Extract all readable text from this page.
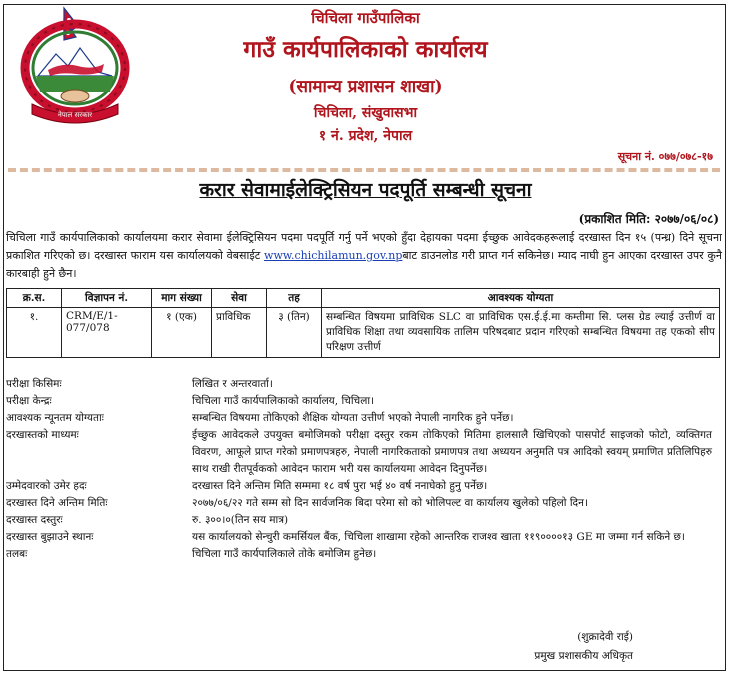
नेपाल सरकार
चिचिला गाउँपालिका
गाउँ कार्यपालिकाको कार्यालय
(सामान्य प्रशासन शाखा)
चिचिला, संखुवासभा
१ नं. प्रदेश, नेपाल
सूचना नं. ०७७/०७८-१७
करार सेवामाईलेक्ट्रिसियन पदपूर्ति सम्बन्धी सूचना
(प्रकाशित मिति: २०७७/०६/०८)
चिचिला गाउँ कार्यपालिकाको कार्यालयमा करार सेवामा ईलेक्ट्रिसियन पदमा पदपूर्ति गर्नु पर्ने भएको हुँदा देहायका पदमा ईच्छुक आवेदकहरूलाई दरखास्त दिन १५ (पन्ध्र) दिने सूचना प्रकाशित गरिएको छ। दरखास्त फाराम यस कार्यालयको वेबसाईट www.chichilamun.gov.npबाट डाउनलोड गरी प्राप्त गर्न सकिनेछ। म्याद नाघी हुन आएका दरखास्त उपर कुनै कारबाही हुने छैन।
क्र.स.	विज्ञापन नं.	माग संख्या	सेवा	तह	आवश्यक योग्यता
१.	CRM/E/1-077/078	१ (एक)	प्राविधिक	३ (तिन)	सम्बन्धित विषयमा प्राविधिक SLC वा प्राविधिक एस.ई.ई.मा कम्तीमा सि. प्लस ग्रेड ल्याई उत्तीर्ण वा प्राविधिक शिक्षा तथा व्यवसायिक तालिम परिषदबाट प्रदान गरिएको सम्बन्धित विषयमा तह एकको सीप परिक्षण उत्तीर्ण
परीक्षा किसिमः	लिखित र अन्तरवार्ता।
परीक्षा केन्द्रः	चिचिला गाउँ कार्यपालिकाको कार्यालय, चिचिला।
आवश्यक न्यूनतम योग्यताः	सम्बन्धित विषयमा तोकिएको शैक्षिक योग्यता उत्तीर्ण भएको नेपाली नागरिक हुने पर्नेछ।
दरखास्तको माध्यमः	ईच्छुक आवेदकले उपयुक्त बमोजिमको परीक्षा दस्तुर रकम तोकिएको मितिमा हालसालै खिचिएको पासपोर्ट साइजको फोटो, व्यक्तिगत विवरण, आफूले प्राप्त गरेको प्रमाणपत्रहरु, नेपाली नागरिकताको प्रमाणपत्र तथा अध्ययन अनुमति पत्र आदिको स्वयम् प्रमाणित प्रतिलिपिहरु साथ राखी रीतपूर्वकको आवेदन फाराम भरी यस कार्यालयमा आवेदन दिनुपर्नेछ।
उम्मेदवारको उमेर हदः	दरखास्त दिने अन्तिम मिति सम्ममा १८ वर्ष पुरा भई ४० वर्ष ननाघेको हुनु पर्नेछ।
दरखास्त दिने अन्तिम मितिः	२०७७/०६/२२ गते सम्म सो दिन सार्वजनिक बिदा परेमा सो को भोलिपल्ट वा कार्यालय खुलेको पहिलो दिन।
दरखास्त दस्तुरः	रु. ३००।०(तिन सय मात्र)
दरखास्त बुझाउने स्थानः	यस कार्यालयको सेन्चुरी कमर्सियल बैंक, चिचिला शाखामा रहेको आन्तरिक राजश्व खाता ११९००००१३ GE मा जम्मा गर्न सकिने छ।
तलबः	चिचिला गाउँ कार्यपालिकाले तोके बमोजिम हुनेछ।
(शुक्रादेवी राई)
प्रमुख प्रशासकीय अधिकृत
